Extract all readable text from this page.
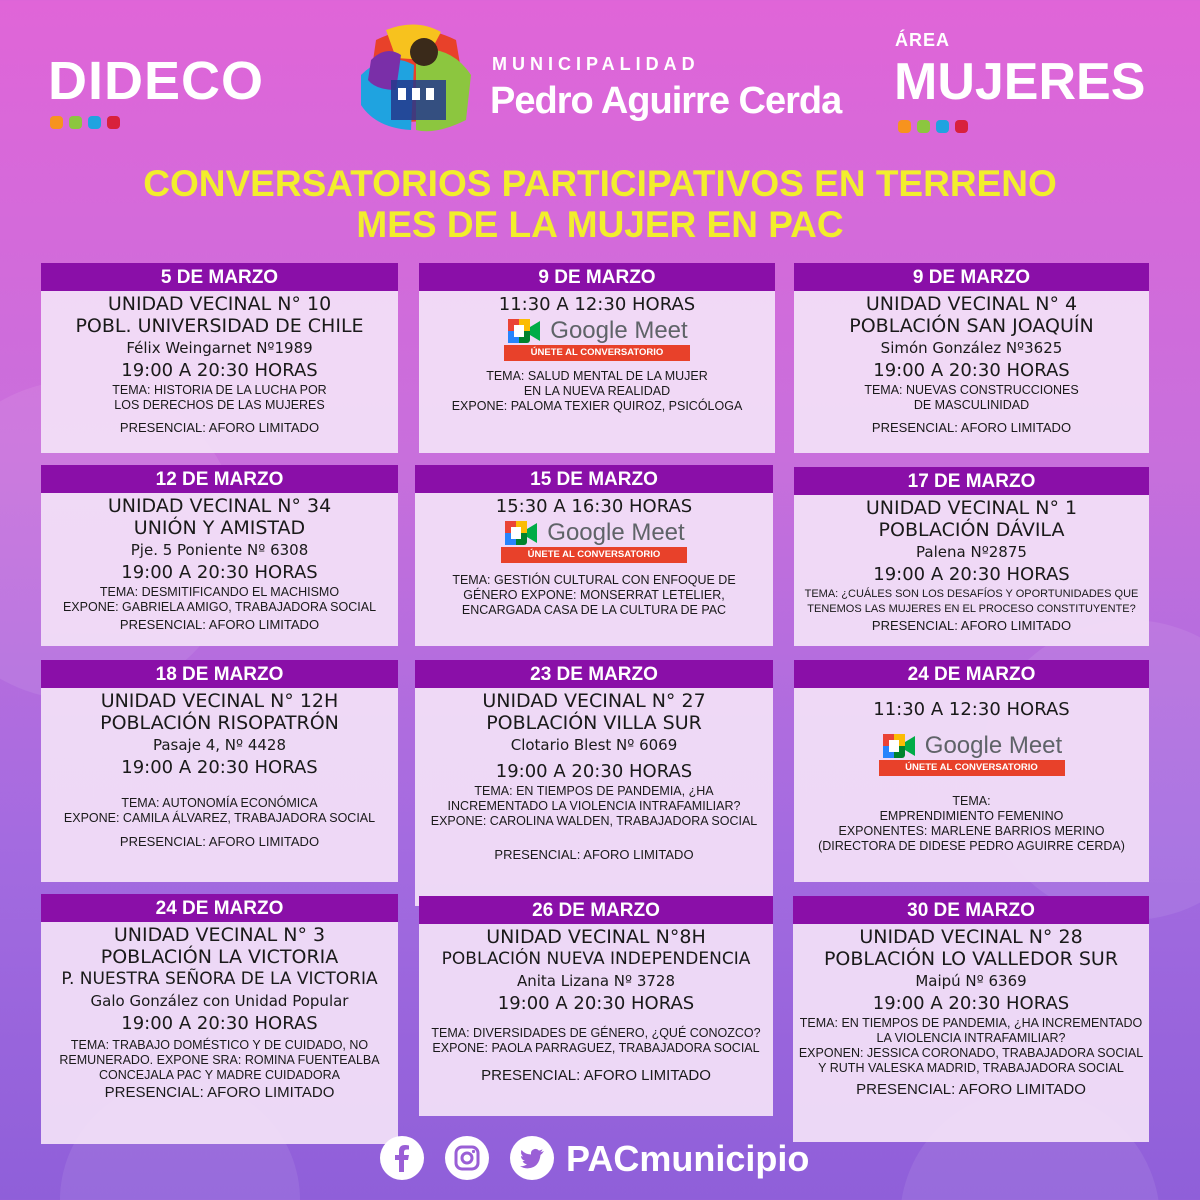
DIDECO	MUNICIPALIDAD
Pedro Aguirre Cerda
ÁREA
MUJERES
CONVERSATORIOS PARTICIPATIVOS EN TERRENO
MES DE LA MUJER EN PAC
5 DE MARZO
UNIDAD VECINAL N° 10
POBL. UNIVERSIDAD DE CHILE
Félix Weingarnet Nº1989
19:00 A 20:30 HORAS
TEMA: HISTORIA DE LA LUCHA POR
LOS DERECHOS DE LAS MUJERES
PRESENCIAL: AFORO LIMITADO
9 DE MARZO
11:30 A 12:30 HORAS
Google Meet
ÚNETE AL CONVERSATORIO
TEMA: SALUD MENTAL DE LA MUJER
EN LA NUEVA REALIDAD
EXPONE: PALOMA TEXIER QUIROZ, PSICÓLOGA
9 DE MARZO
UNIDAD VECINAL N° 4
POBLACIÓN SAN JOAQUÍN
Simón González Nº3625
19:00 A 20:30 HORAS
TEMA: NUEVAS CONSTRUCCIONES
DE MASCULINIDAD
PRESENCIAL: AFORO LIMITADO
12 DE MARZO
UNIDAD VECINAL N° 34
UNIÓN Y AMISTAD
Pje. 5 Poniente Nº 6308
19:00 A 20:30 HORAS
TEMA: DESMITIFICANDO EL MACHISMO
EXPONE: GABRIELA AMIGO, TRABAJADORA SOCIAL
PRESENCIAL: AFORO LIMITADO
15 DE MARZO
15:30 A 16:30 HORAS
Google Meet
ÚNETE AL CONVERSATORIO
TEMA: GESTIÓN CULTURAL CON ENFOQUE DE
GÉNERO EXPONE: MONSERRAT LETELIER,
ENCARGADA CASA DE LA CULTURA DE PAC
17 DE MARZO
UNIDAD VECINAL N° 1
POBLACIÓN DÁVILA
Palena Nº2875
19:00 A 20:30 HORAS
TEMA: ¿CUÁLES SON LOS DESAFÍOS Y OPORTUNIDADES QUE
TENEMOS LAS MUJERES EN EL PROCESO CONSTITUYENTE?
PRESENCIAL: AFORO LIMITADO
18 DE MARZO
UNIDAD VECINAL N° 12H
POBLACIÓN RISOPATRÓN
Pasaje 4, Nº 4428
19:00 A 20:30 HORAS
TEMA: AUTONOMÍA ECONÓMICA
EXPONE: CAMILA ÁLVAREZ, TRABAJADORA SOCIAL
PRESENCIAL: AFORO LIMITADO
23 DE MARZO
UNIDAD VECINAL N° 27
POBLACIÓN VILLA SUR
Clotario Blest Nº 6069
19:00 A 20:30 HORAS
TEMA: EN TIEMPOS DE PANDEMIA, ¿HA
INCREMENTADO LA VIOLENCIA INTRAFAMILIAR?
EXPONE: CAROLINA WALDEN, TRABAJADORA SOCIAL
PRESENCIAL: AFORO LIMITADO
24 DE MARZO
11:30 A 12:30 HORAS
Google Meet
ÚNETE AL CONVERSATORIO
TEMA:
EMPRENDIMIENTO FEMENINO
EXPONENTES: MARLENE BARRIOS MERINO
(DIRECTORA DE DIDESE PEDRO AGUIRRE CERDA)
24 DE MARZO
UNIDAD VECINAL N° 3
POBLACIÓN LA VICTORIA
P. NUESTRA SEÑORA DE LA VICTORIA
Galo González con Unidad Popular
19:00 A 20:30 HORAS
TEMA: TRABAJO DOMÉSTICO Y DE CUIDADO, NO
REMUNERADO. EXPONE SRA: ROMINA FUENTEALBA
CONCEJALA PAC Y MADRE CUIDADORA
PRESENCIAL: AFORO LIMITADO
26 DE MARZO
UNIDAD VECINAL N°8H
POBLACIÓN NUEVA INDEPENDENCIA
Anita Lizana Nº 3728
19:00 A 20:30 HORAS
TEMA: DIVERSIDADES DE GÉNERO, ¿QUÉ CONOZCO?
EXPONE: PAOLA PARRAGUEZ, TRABAJADORA SOCIAL
PRESENCIAL: AFORO LIMITADO
30 DE MARZO
UNIDAD VECINAL N° 28
POBLACIÓN LO VALLEDOR SUR
Maipú Nº 6369
19:00 A 20:30 HORAS
TEMA: EN TIEMPOS DE PANDEMIA, ¿HA INCREMENTADO
LA VIOLENCIA INTRAFAMILIAR?
EXPONEN: JESSICA CORONADO, TRABAJADORA SOCIAL
Y RUTH VALESKA MADRID, TRABAJADORA SOCIAL
PRESENCIAL: AFORO LIMITADO
PACmunicipio
